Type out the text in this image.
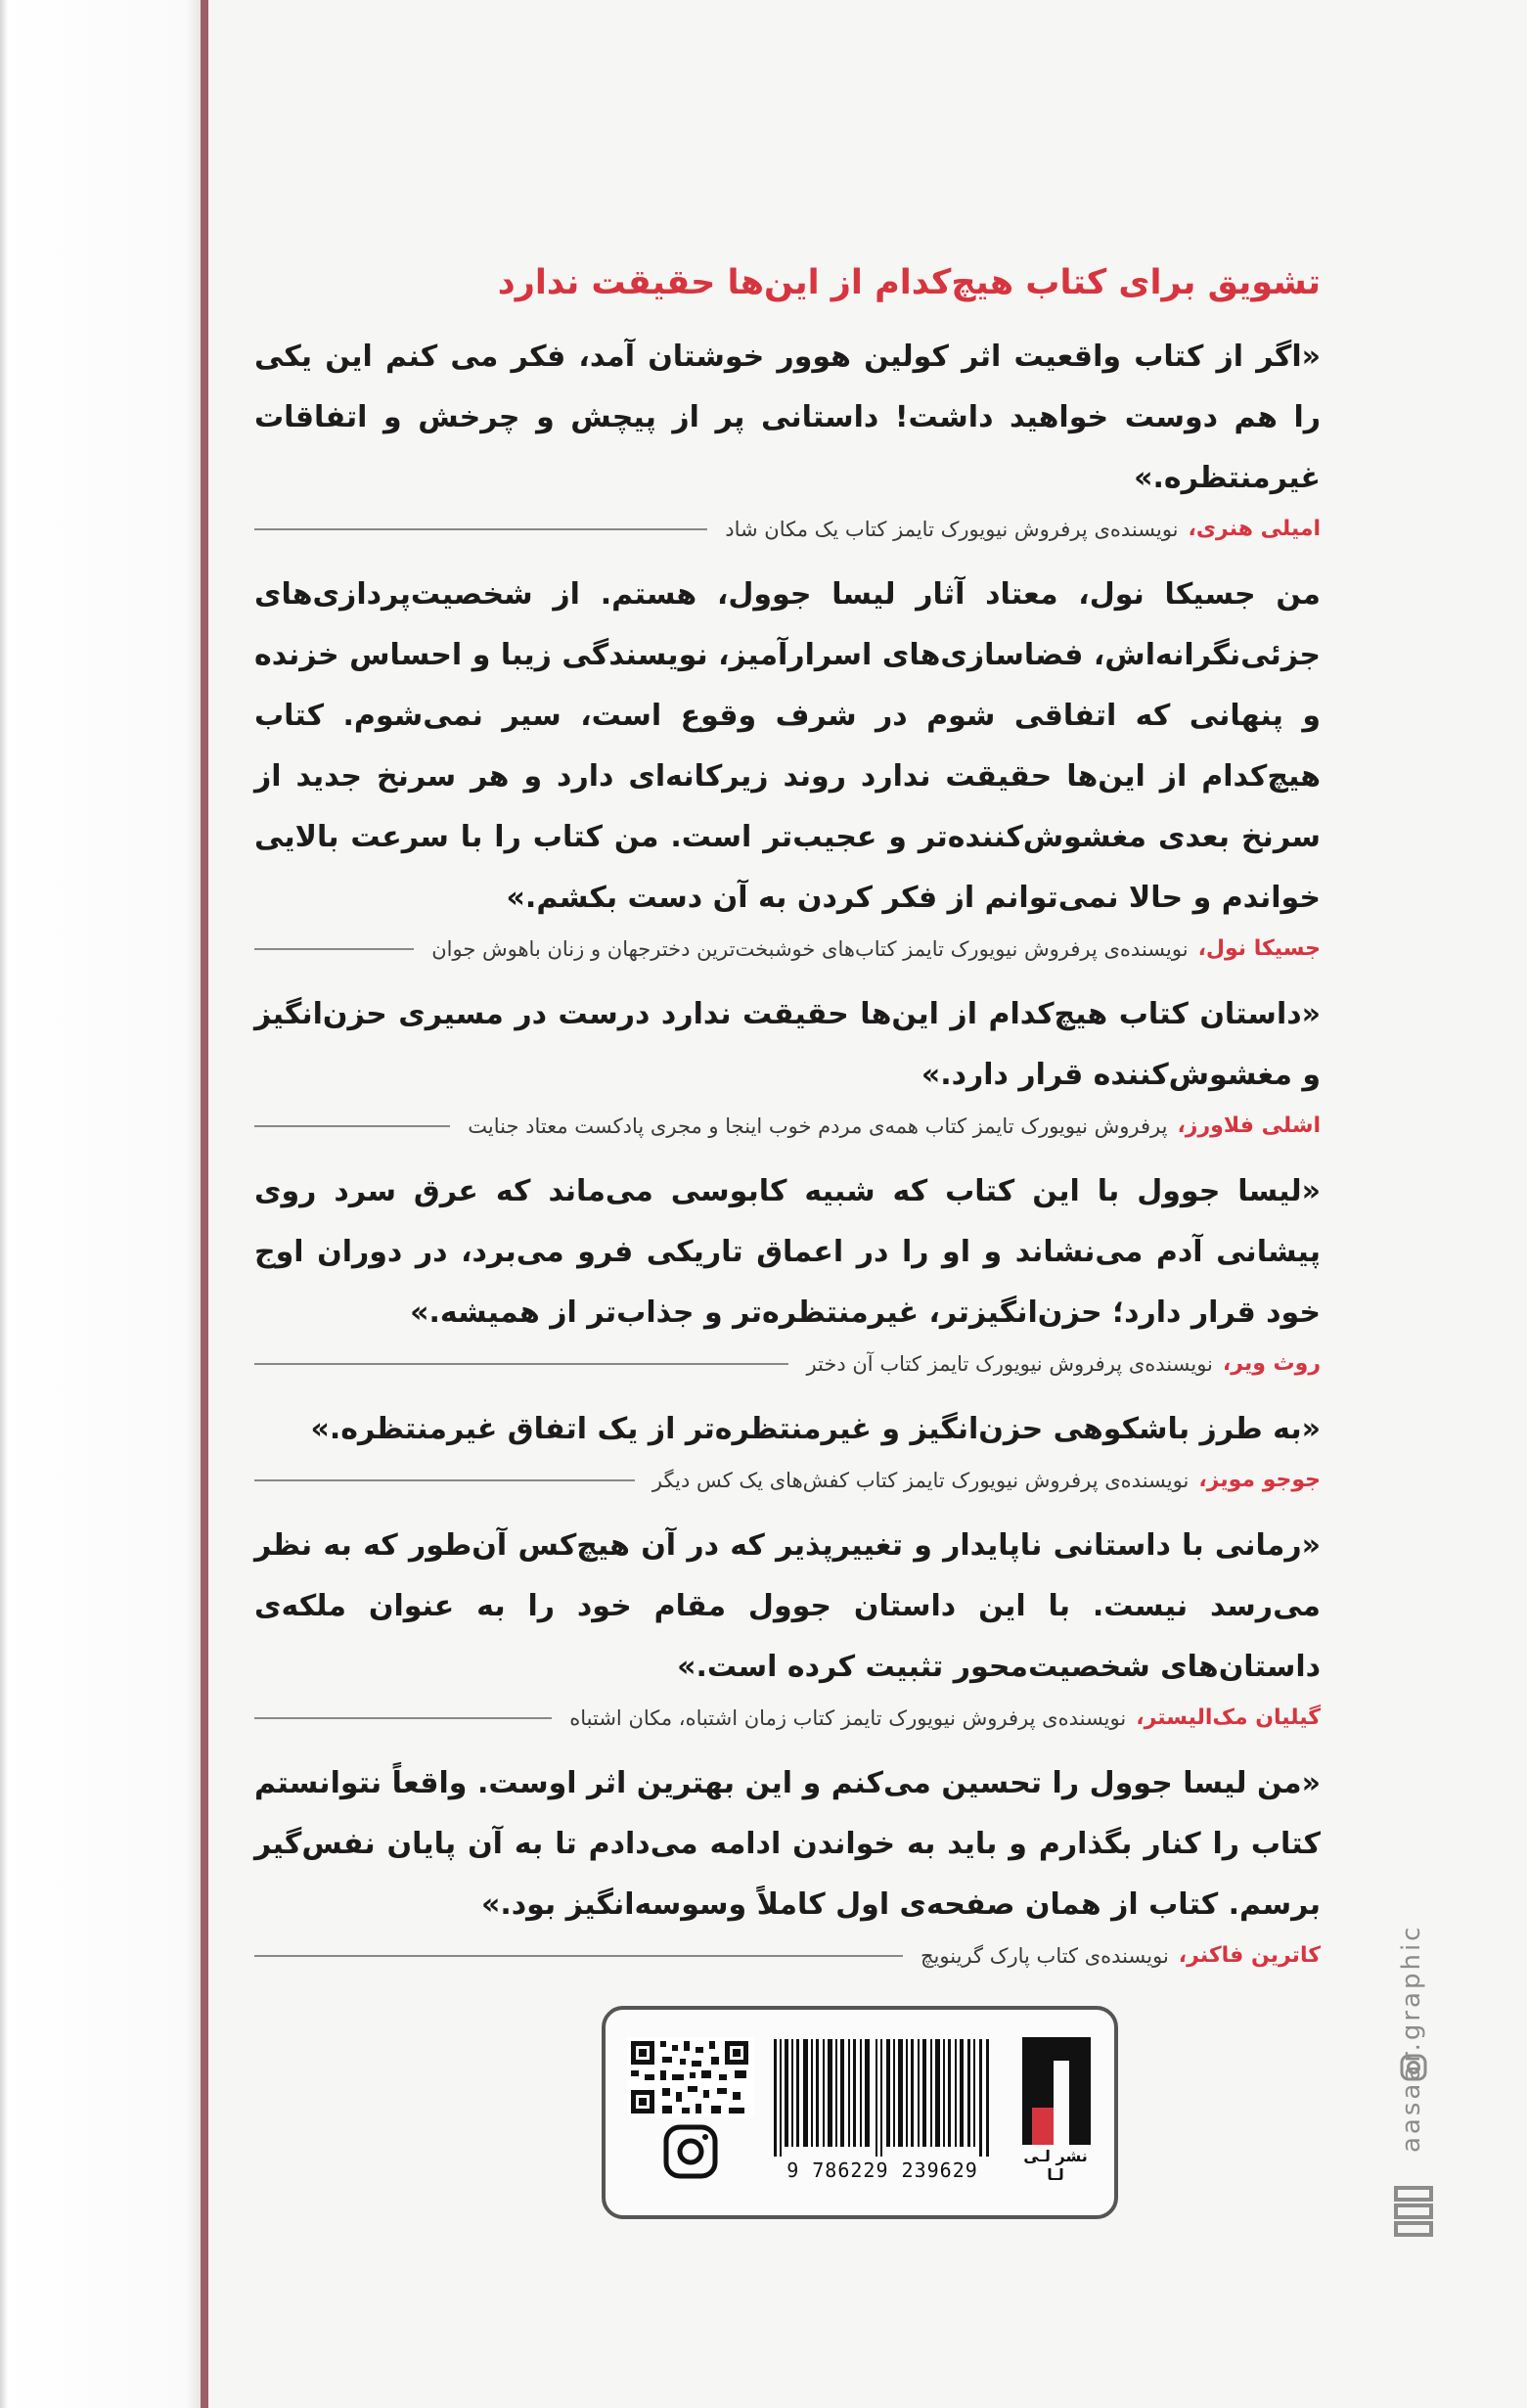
تشویق برای کتاب هیچ‌کدام از این‌ها حقیقت ندارد

«اگر از کتاب واقعیت اثر کولین هوور خوشتان آمد، فکر می کنم این یکی را هم دوست خواهید داشت! داستانی پر از پیچش و چرخش و اتفاقات غیرمنتظره.»

امیلی هنری،
نویسنده‌ی پرفروش نیویورک تایمز کتاب یک مکان شاد

من جسیکا نول، معتاد آثار لیسا جوول، هستم. از شخصیت‌پردازی‌های جزئی‌نگرانه‌اش، فضاسازی‌های اسرارآمیز، نویسندگی زیبا و احساس خزنده و پنهانی که اتفاقی شوم در شرف وقوع است، سیر نمی‌شوم. کتاب هیچ‌کدام از این‌ها حقیقت ندارد روند زیرکانه‌ای دارد و هر سرنخ جدید از سرنخ بعدی مغشوش‌کننده‌تر و عجیب‌تر است. من کتاب را با سرعت بالایی خواندم و حالا نمی‌توانم از فکر کردن به آن دست بکشم.»

جسیکا نول،
نویسنده‌ی پرفروش نیویورک تایمز کتاب‌های خوشبخت‌ترین دخترجهان و زنان باهوش جوان

«داستان کتاب هیچ‌کدام از این‌ها حقیقت ندارد درست در مسیری حزن‌انگیز و مغشوش‌کننده قرار دارد.»

اشلی فلاورز،
پرفروش نیویورک تایمز کتاب همه‌ی مردم خوب اینجا و مجری پادکست معتاد جنایت

«لیسا جوول با این کتاب که شبیه کابوسی می‌ماند که عرق سرد روی پیشانی آدم می‌نشاند و او را در اعماق تاریکی فرو می‌برد، در دوران اوج خود قرار دارد؛ حزن‌انگیزتر، غیرمنتظره‌تر و جذاب‌تر از همیشه.»

روث ویر،
نویسنده‌ی پرفروش نیویورک تایمز کتاب آن دختر

«به طرز باشکوهی حزن‌انگیز و غیرمنتظره‌تر از یک اتفاق غیرمنتظره.»

جوجو مویز،
نویسنده‌ی پرفروش نیویورک تایمز کتاب کفش‌های یک کس دیگر

«رمانی با داستانی ناپایدار و تغییرپذیر که در آن هیچ‌کس آن‌طور که به نظر می‌رسد نیست. با این داستان جوول مقام خود را به عنوان ملکه‌ی داستان‌های شخصیت‌محور تثبیت کرده است.»

گیلیان مک‌الیستر،
نویسنده‌ی پرفروش نیویورک تایمز کتاب زمان اشتباه، مکان اشتباه

«من لیسا جوول را تحسین می‌کنم و این بهترین اثر اوست. واقعاً نتوانستم کتاب را کنار بگذارم و باید به خواندن ادامه می‌دادم تا به آن پایان نفس‌گیر برسم. کتاب از همان صفحه‌ی اول کاملاً وسوسه‌انگیز بود.»

کاترین فاکنر،
نویسنده‌ی کتاب پارک گرینویچ
9 786229 239629
نشر لـی لـا
aasaar.graphic
